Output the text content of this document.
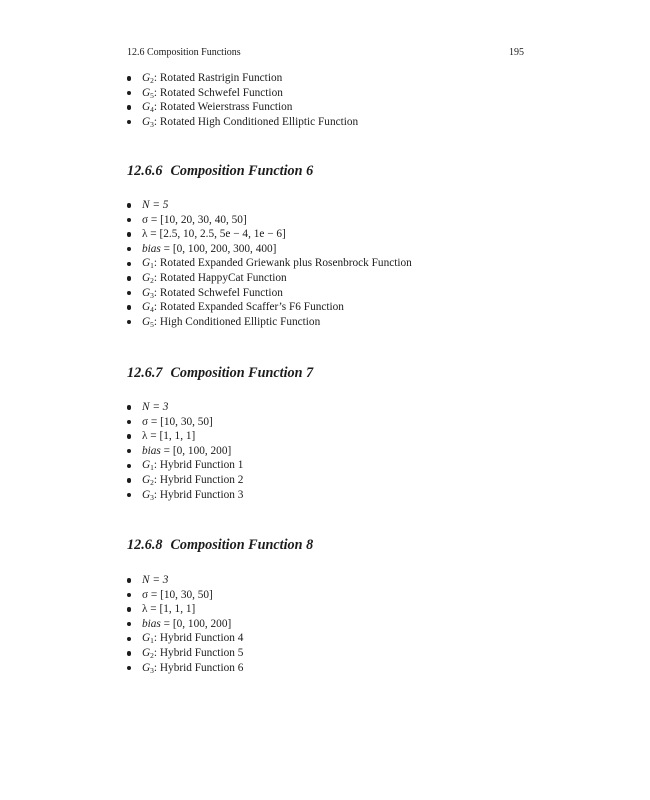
12.6 Composition Functions	195
$G_2$: Rotated Rastrigin Function
$G_5$: Rotated Schwefel Function
$G_4$: Rotated Weierstrass Function
$G_3$: Rotated High Conditioned Elliptic Function
12.6.6 Composition Function 6
N = 5
σ = [10, 20, 30, 40, 50]
λ = [2.5, 10, 2.5, 5e − 4, 1e − 6]
bias = [0, 100, 200, 300, 400]
$G_1$: Rotated Expanded Griewank plus Rosenbrock Function
$G_2$: Rotated HappyCat Function
$G_3$: Rotated Schwefel Function
$G_4$: Rotated Expanded Scaffer’s F6 Function
$G_5$: High Conditioned Elliptic Function
12.6.7 Composition Function 7
N = 3
σ = [10, 30, 50]
λ = [1, 1, 1]
bias = [0, 100, 200]
$G_1$: Hybrid Function 1
$G_2$: Hybrid Function 2
$G_3$: Hybrid Function 3
12.6.8 Composition Function 8
N = 3
σ = [10, 30, 50]
λ = [1, 1, 1]
bias = [0, 100, 200]
$G_1$: Hybrid Function 4
$G_2$: Hybrid Function 5
$G_3$: Hybrid Function 6
